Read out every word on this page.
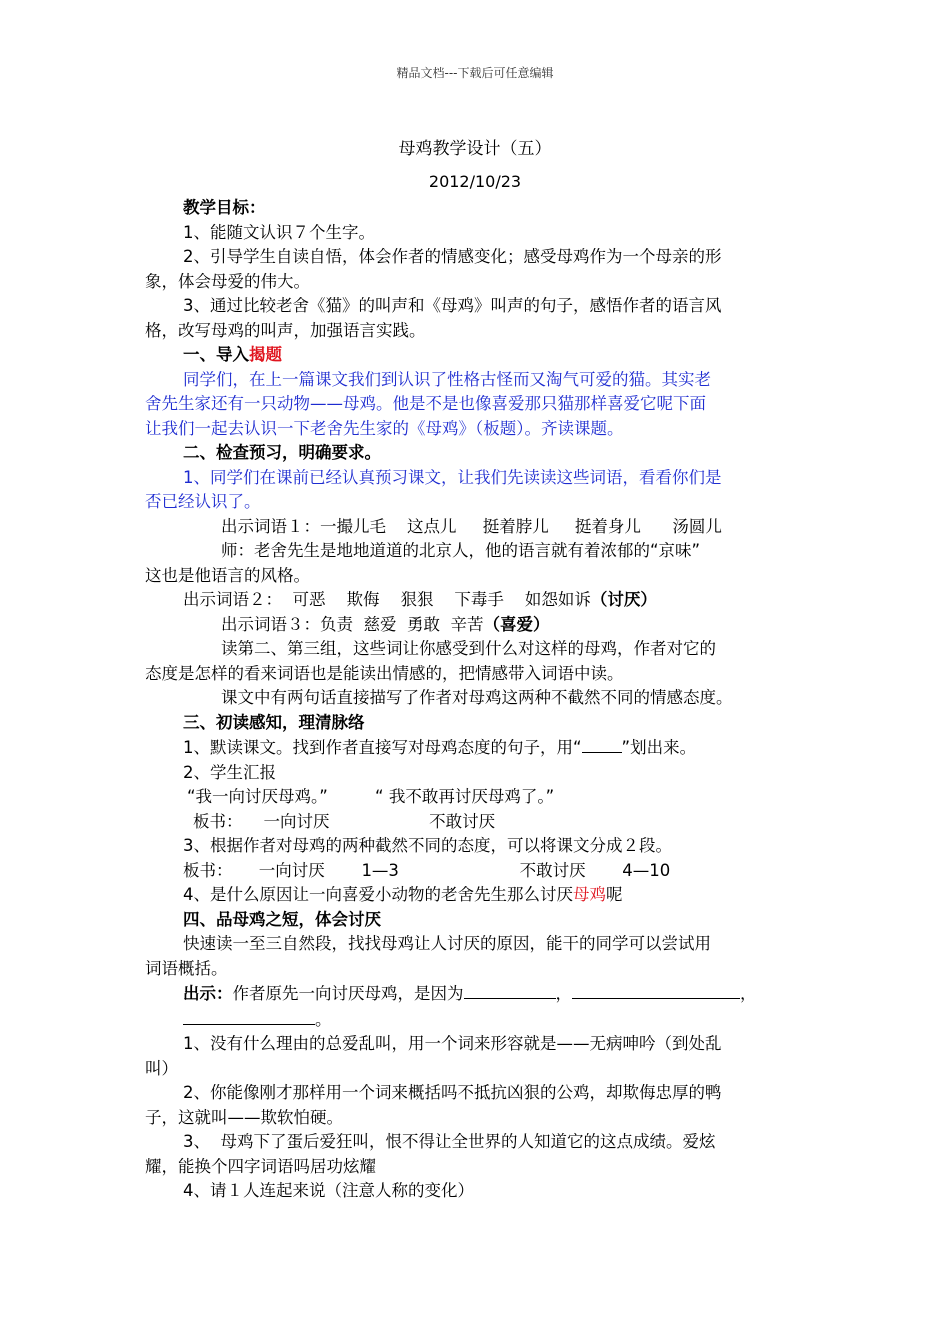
精品文档---下载后可任意编辑
母鸡教学设计（五）
2012/10/23

教学目标：

1、能随文认识７个生字。

2、引导学生自读自悟，体会作者的情感变化；感受母鸡作为一个母亲的形

象，体会母爱的伟大。

3、通过比较老舍《猫》的叫声和《母鸡》叫声的句子，感悟作者的语言风

格，改写母鸡的叫声，加强语言实践。

一、导入揭题

同学们，在上一篇课文我们到认识了性格古怪而又淘气可爱的猫。其实老

舍先生家还有一只动物——母鸡。他是不是也像喜爱那只猫那样喜爱它呢下面

让我们一起去认识一下老舍先生家的《母鸡》（板题）。齐读课题。

二、检查预习，明确要求。

1、同学们在课前已经认真预习课文，让我们先读读这些词语，看看你们是

否已经认识了。

出示词语１：一撮儿毛    这点儿     挺着脖儿     挺着身儿      汤圆儿

师：老舍先生是地地道道的北京人，他的语言就有着浓郁的“京味”

这也是他语言的风格。

出示词语２：  可恶    欺侮    狠狠    下毒手    如怨如诉（讨厌）

出示词语３：负责  慈爱  勇敢  辛苦（喜爱）

读第二、第三组，这些词让你感受到什么对这样的母鸡，作者对它的

态度是怎样的看来词语也是能读出情感的，把情感带入词语中读。

课文中有两句话直接描写了作者对母鸡这两种不截然不同的情感态度。

三、初读感知，理清脉络

1、默读课文。找到作者直接写对母鸡态度的句子，用“ ”划出来。

2、学生汇报

“我一向讨厌母鸡。”         “ 我不敢再讨厌母鸡了。”

板书：    一向讨厌                   不敢讨厌

3、根据作者对母鸡的两种截然不同的态度，可以将课文分成２段。

板书：     一向讨厌       1—3                       不敢讨厌       4—10

4、是什么原因让一向喜爱小动物的老舍先生那么讨厌母鸡呢

四、品母鸡之短，体会讨厌

快速读一至三自然段，找找母鸡让人讨厌的原因，能干的同学可以尝试用

词语概括。

出示：作者原先一向讨厌母鸡，是因为	，	，

。

1、没有什么理由的总爱乱叫，用一个词来形容就是——无病呻吟（到处乱

叫）

2、你能像刚才那样用一个词来概括吗不抵抗凶狠的公鸡，却欺侮忠厚的鸭

子，这就叫——欺软怕硬。

3、  母鸡下了蛋后爱狂叫，恨不得让全世界的人知道它的这点成绩。爱炫

耀，能换个四字词语吗居功炫耀

4、请１人连起来说（注意人称的变化）
